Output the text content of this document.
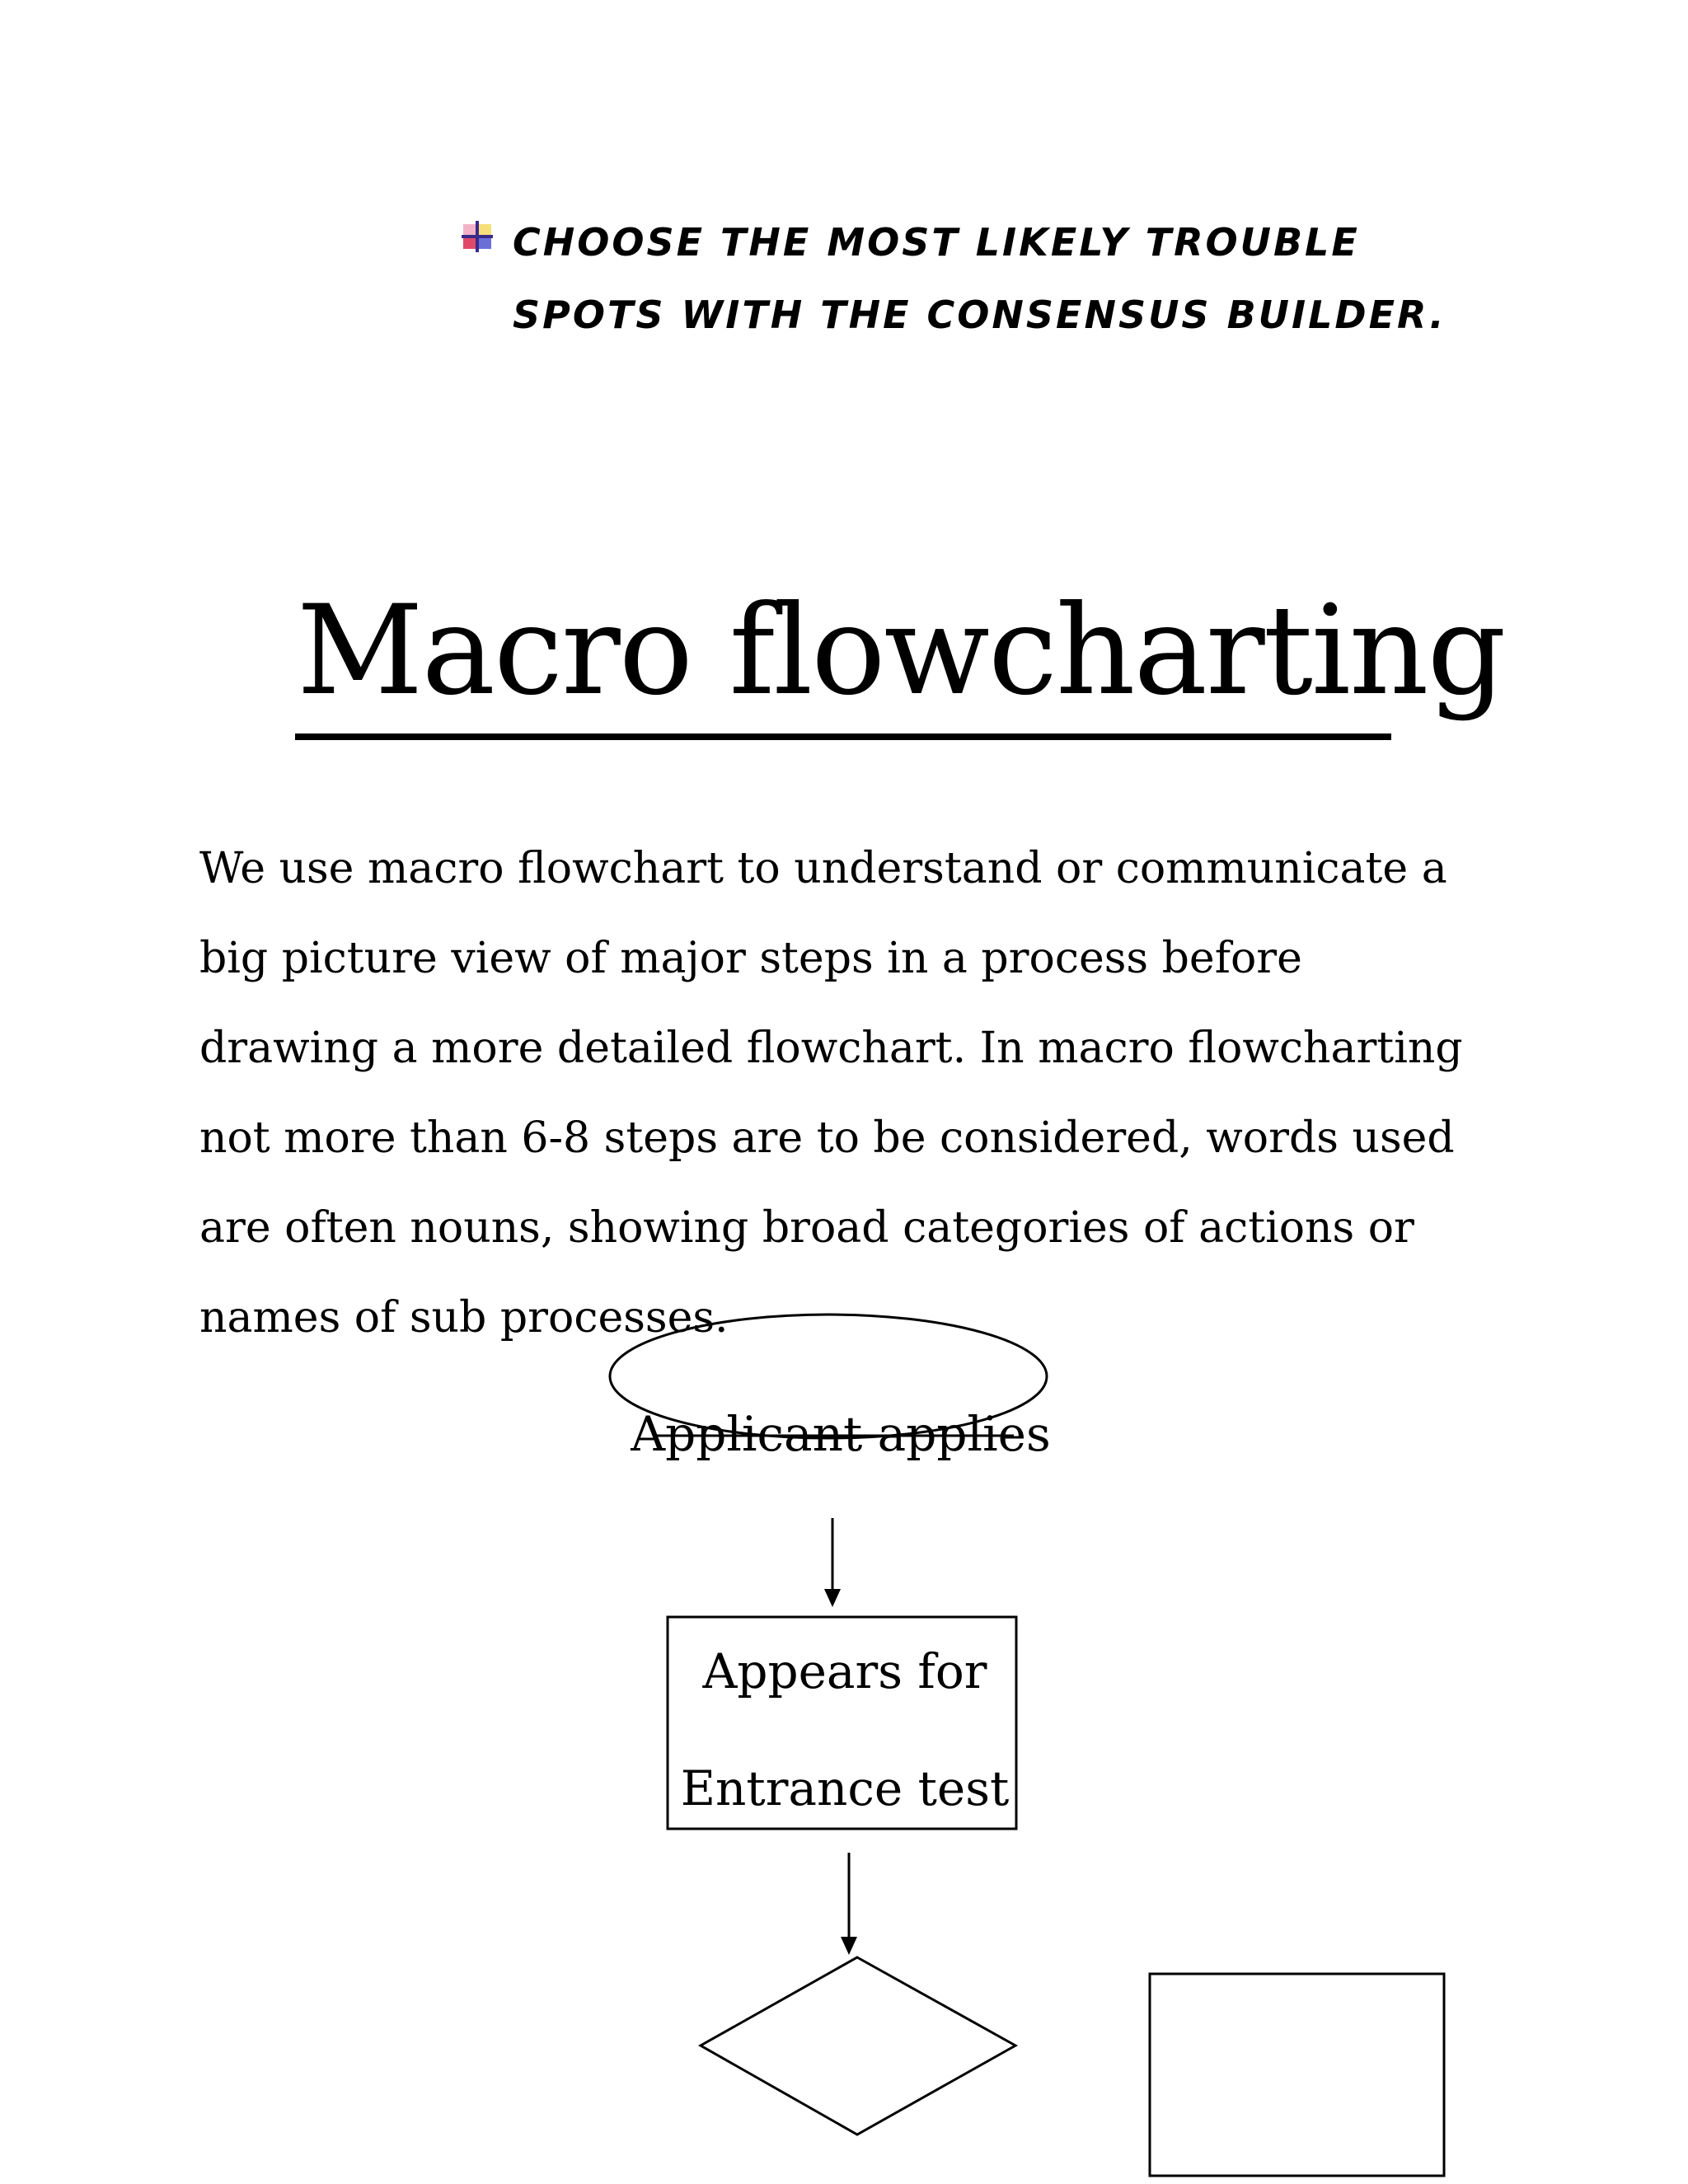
CHOOSE THE MOST LIKELY TROUBLE SPOTS WITH THE CONSENSUS BUILDER.
Macro flowcharting
We use macro flowchart to understand or communicate a big picture view of major steps in a process before drawing a more detailed flowchart. In macro flowcharting not more than 6-8 steps are to be considered, words used are often nouns, showing broad categories of actions or names of sub processes.
Applicant applies
Appears for
Entrance test
